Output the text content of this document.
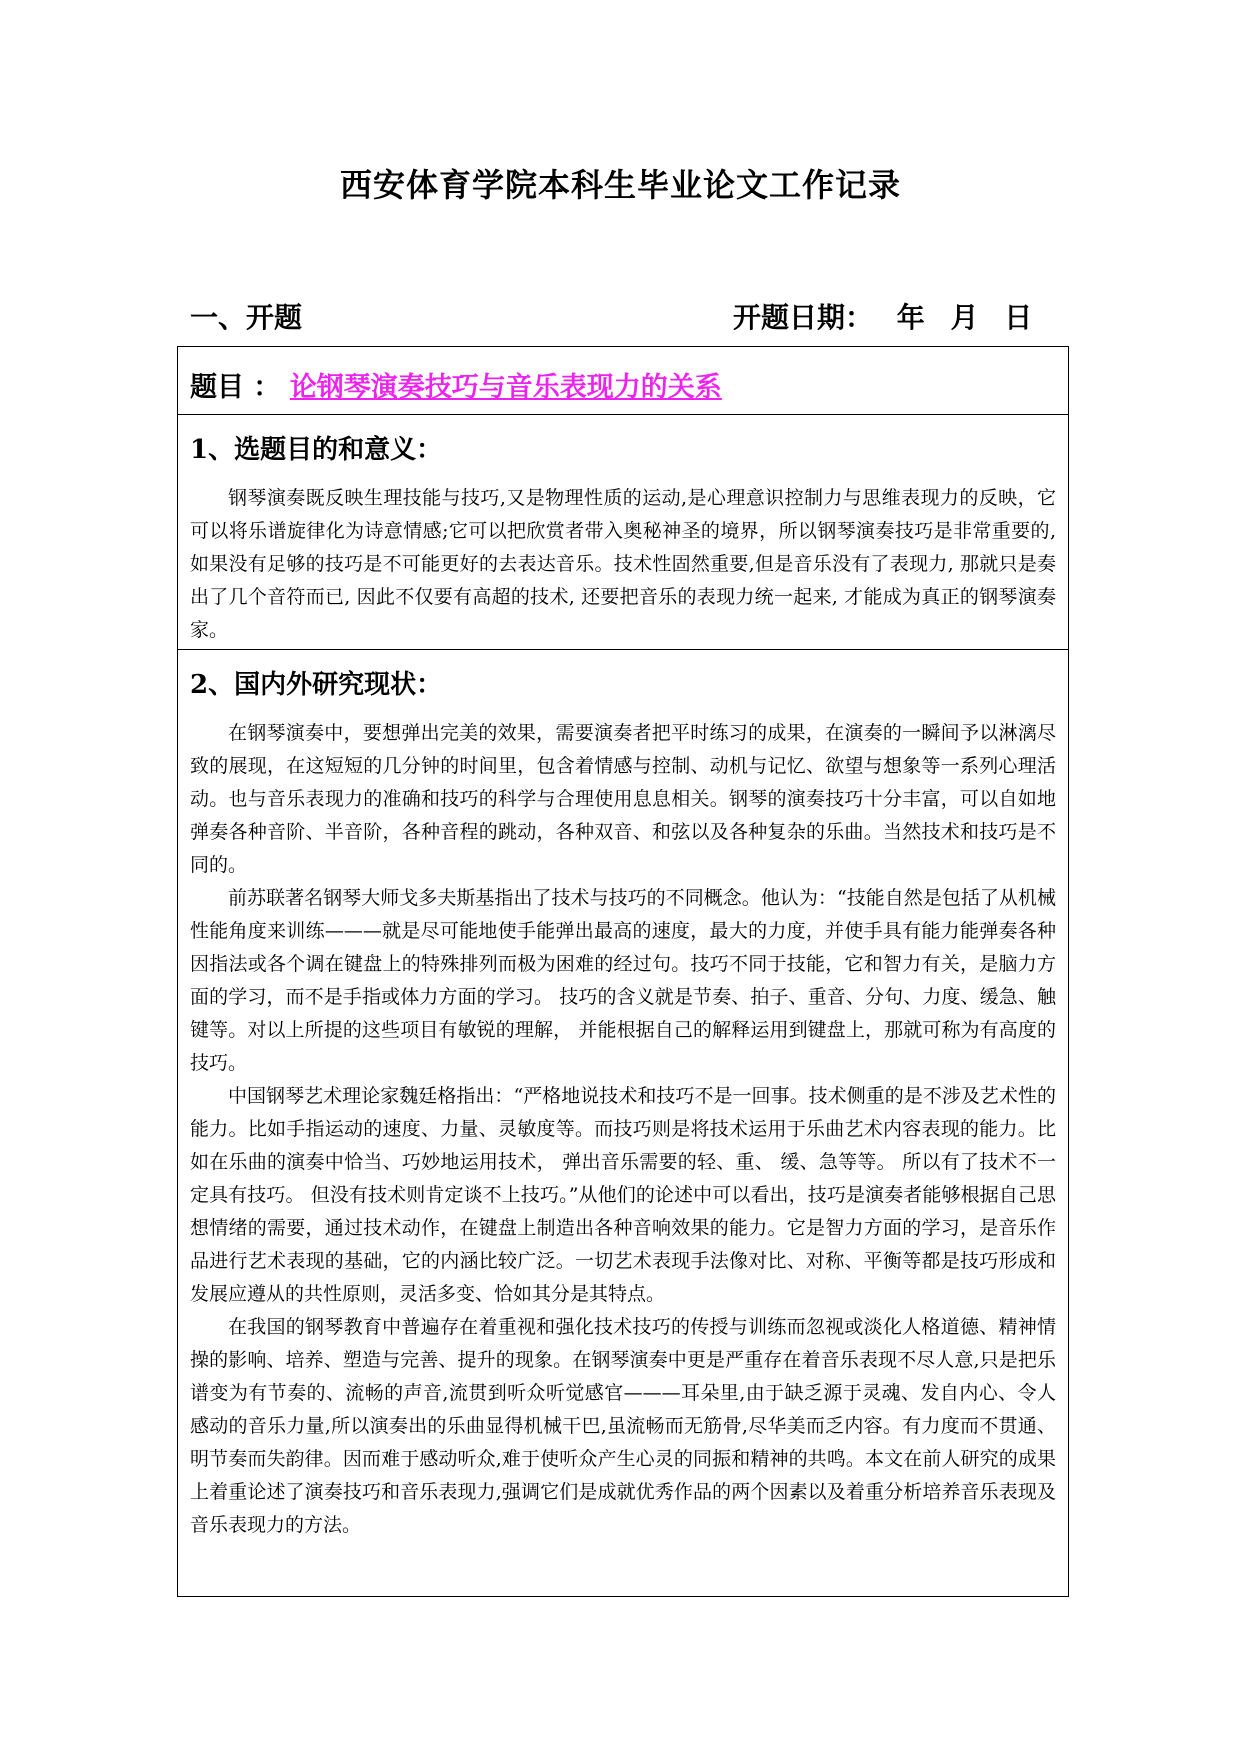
西安体育学院本科生毕业论文工作记录
一、开题	开题日期： 年 月 日
题目 ： 论钢琴演奏技巧与音乐表现力的关系
1、选题目的和意义：

钢琴演奏既反映生理技能与技巧,又是物理性质的运动,是心理意识控制力与思维表现力的反映，它可以将乐谱旋律化为诗意情感;它可以把欣赏者带入奥秘神圣的境界，所以钢琴演奏技巧是非常重要的, 如果没有足够的技巧是不可能更好的去表达音乐。技术性固然重要,但是音乐没有了表现力, 那就只是奏出了几个音符而已, 因此不仅要有高超的技术, 还要把音乐的表现力统一起来, 才能成为真正的钢琴演奏家。

2、国内外研究现状：

在钢琴演奏中，要想弹出完美的效果，需要演奏者把平时练习的成果，在演奏的一瞬间予以淋漓尽致的展现，在这短短的几分钟的时间里，包含着情感与控制、动机与记忆、欲望与想象等一系列心理活动。也与音乐表现力的准确和技巧的科学与合理使用息息相关。钢琴的演奏技巧十分丰富，可以自如地弹奏各种音阶、半音阶，各种音程的跳动，各种双音、和弦以及各种复杂的乐曲。当然技术和技巧是不同的。

前苏联著名钢琴大师戈多夫斯基指出了技术与技巧的不同概念。他认为：“技能自然是包括了从机械性能角度来训练———就是尽可能地使手能弹出最高的速度，最大的力度，并使手具有能力能弹奏各种因指法或各个调在键盘上的特殊排列而极为困难的经过句。技巧不同于技能，它和智力有关，是脑力方面的学习，而不是手指或体力方面的学习。 技巧的含义就是节奏、拍子、重音、分句、力度、缓急、触键等。对以上所提的这些项目有敏锐的理解， 并能根据自己的解释运用到键盘上，那就可称为有高度的技巧。

中国钢琴艺术理论家魏廷格指出：“严格地说技术和技巧不是一回事。技术侧重的是不涉及艺术性的能力。比如手指运动的速度、力量、灵敏度等。而技巧则是将技术运用于乐曲艺术内容表现的能力。比如在乐曲的演奏中恰当、巧妙地运用技术， 弹出音乐需要的轻、重、 缓、急等等。 所以有了技术不一定具有技巧。 但没有技术则肯定谈不上技巧。”从他们的论述中可以看出，技巧是演奏者能够根据自己思想情绪的需要，通过技术动作，在键盘上制造出各种音响效果的能力。它是智力方面的学习，是音乐作品进行艺术表现的基础，它的内涵比较广泛。一切艺术表现手法像对比、对称、平衡等都是技巧形成和发展应遵从的共性原则，灵活多变、恰如其分是其特点。

在我国的钢琴教育中普遍存在着重视和强化技术技巧的传授与训练而忽视或淡化人格道德、精神情操的影响、培养、塑造与完善、提升的现象。在钢琴演奏中更是严重存在着音乐表现不尽人意,只是把乐谱变为有节奏的、流畅的声音,流贯到听众听觉感官———耳朵里,由于缺乏源于灵魂、发自内心、令人感动的音乐力量,所以演奏出的乐曲显得机械干巴,虽流畅而无筋骨,尽华美而乏内容。有力度而不贯通、明节奏而失韵律。因而难于感动听众,难于使听众产生心灵的同振和精神的共鸣。本文在前人研究的成果上着重论述了演奏技巧和音乐表现力,强调它们是成就优秀作品的两个因素以及着重分析培养音乐表现及音乐表现力的方法。
